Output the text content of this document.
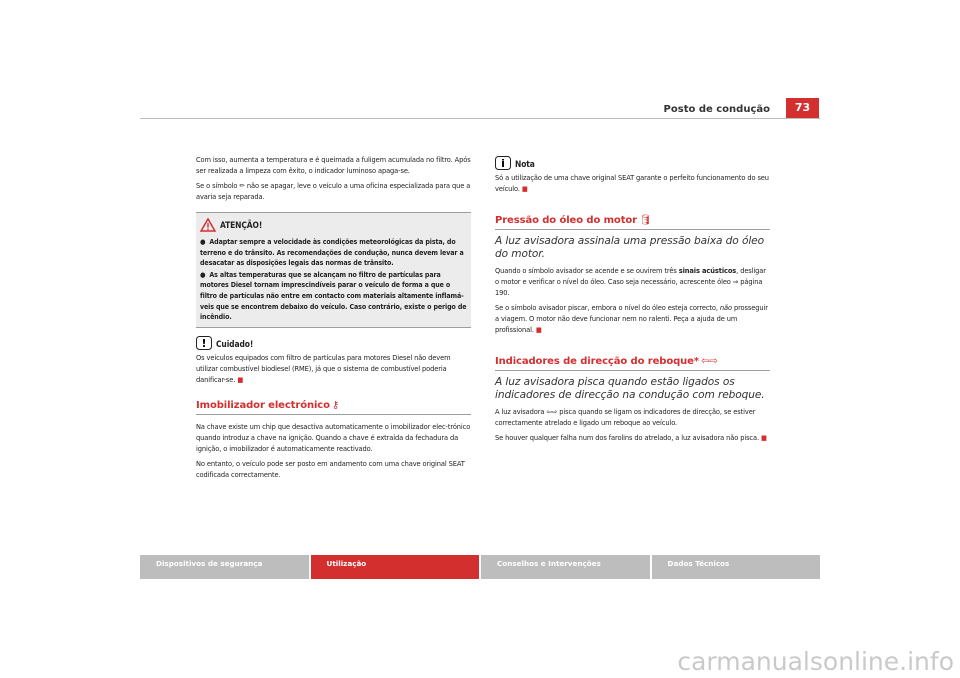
Posto de condução	73

Com isso, aumenta a temperatura e é queimada a fuligem acumulada no filtro. Após ser realizada a limpeza com êxito, o indicador luminoso apaga-se.

Se o símbolo ✏︎ não se apagar, leve o veículo a uma oficina especializada para que a avaria seja reparada.

ATENÇÃO!
● Adaptar sempre a velocidade às condições meteorológicas da pista, do terreno e do trânsito. As recomendações de condução, nunca devem levar a desacatar as disposições legais das normas de trânsito.
● As altas temperaturas que se alcançam no filtro de partículas para motores Diesel tornam imprescindíveis parar o veículo de forma a que o filtro de partículas não entre em contacto com materiais altamente inflamá-veis que se encontrem debaixo do veículo. Caso contrário, existe o perigo de incêndio.
! Cuidado!

Os veículos equipados com filtro de partículas para motores Diesel não devem utilizar combustível biodiesel (RME), já que o sistema de combustível poderia danificar-se. ■

Imobilizador electrónico ⚷

Na chave existe um chip que desactiva automaticamente o imobilizador elec-trónico quando introduz a chave na ignição. Quando a chave é extraída da fechadura da ignição, o imobilizador é automaticamente reactivado.

No entanto, o veículo pode ser posto em andamento com uma chave original SEAT codificada correctamente.

i Nota

Só a utilização de uma chave original SEAT garante o perfeito funcionamento do seu veículo. ■

Pressão do óleo do motor 🛢︎
A luz avisadora assinala uma pressão baixa do óleo do motor.

Quando o símbolo avisador se acende e se ouvirem três sinais acústicos, desligar o motor e verificar o nível do óleo. Caso seja necessário, acrescente óleo ⇒ página 190.

Se o símbolo avisador piscar, embora o nível do óleo esteja correcto, não prosseguir a viagem. O motor não deve funcionar nem no ralenti. Peça a ajuda de um profissional. ■

Indicadores de direcção do reboque* ⇦⇨
A luz avisadora pisca quando estão ligados os indicadores de direcção na condução com reboque.

A luz avisadora ⇦⇨ pisca quando se ligam os indicadores de direcção, se estiver correctamente atrelado e ligado um reboque ao veículo.

Se houver qualquer falha num dos farolins do atrelado, a luz avisadora não pisca. ■

Dispositivos de segurança	Utilização	Conselhos e Intervenções	Dados Técnicos
carmanualsonline.info
